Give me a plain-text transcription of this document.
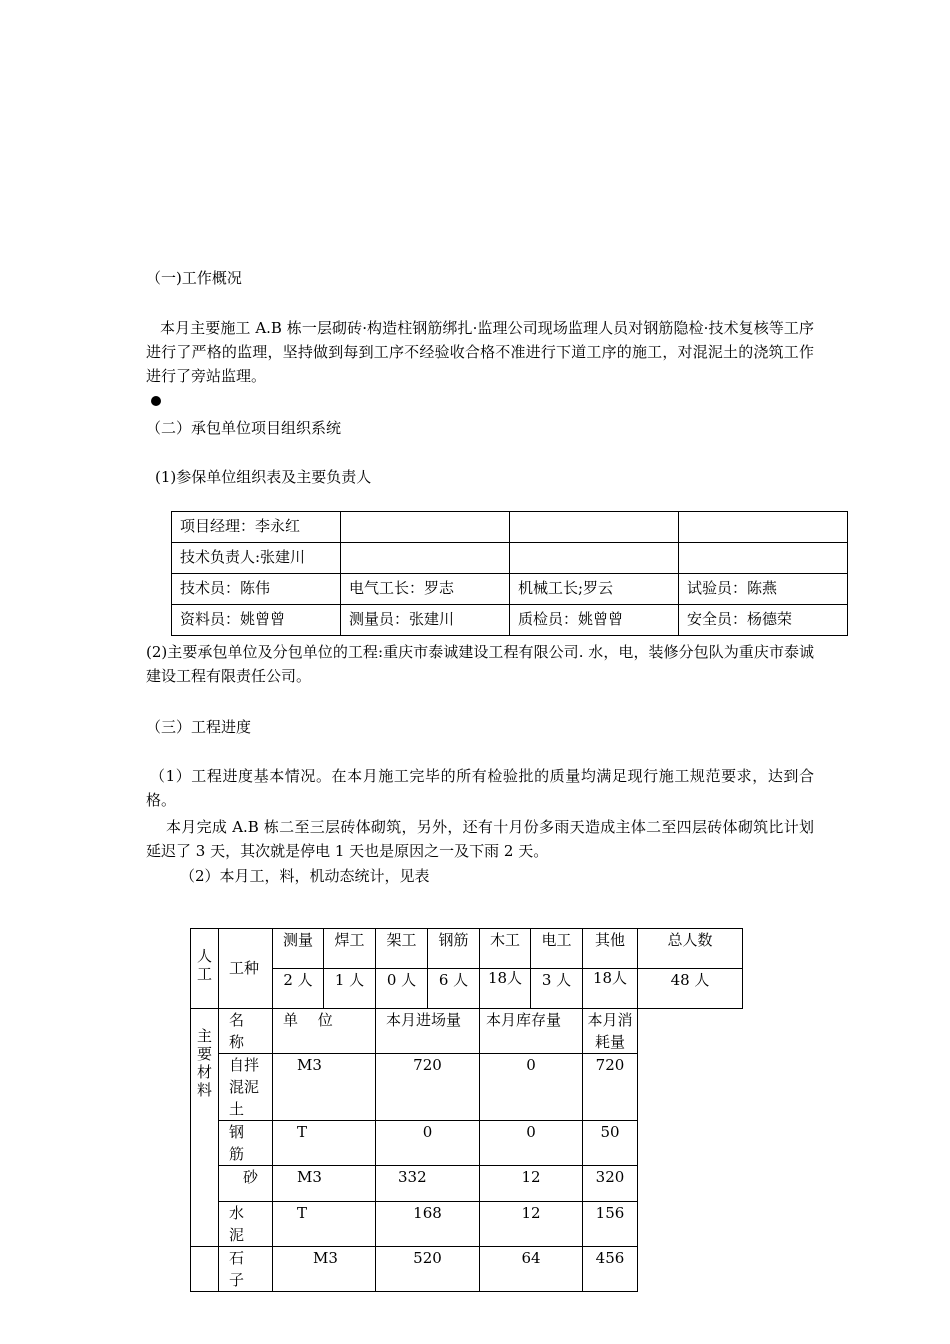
（一)工作概况
本月主要施工 A.B 栋一层砌砖·构造柱钢筋绑扎·监理公司现场监理人员对钢筋隐检·技术复核等工序进行了严格的监理，坚持做到每到工序不经验收合格不准进行下道工序的施工，对混泥土的浇筑工作进行了旁站监理。
（二）承包单位项目组织系统
(1)参保单位组织表及主要负责人
项目经理：李永红			
技术负责人:张建川			
技术员：陈伟	电气工长：罗志	机械工长;罗云	试验员：陈燕
资料员：姚曾曾	测量员：张建川	质检员：姚曾曾	安全员：杨德荣
(2)主要承包单位及分包单位的工程:重庆市泰诚建设工程有限公司. 水，电，装修分包队为重庆市泰诚建设工程有限责任公司。
（三）工程进度
（1）工程进度基本情况。在本月施工完毕的所有检验批的质量均满足现行施工规范要求，达到合格。
本月完成 A.B 栋二至三层砖体砌筑，另外，还有十月份多雨天造成主体二至四层砖体砌筑比计划延迟了 3 天，其次就是停电 1 天也是原因之一及下雨 2 天。
（2）本月工，料，机动态统计，见表
人工	工种	测量	焊工	架工	钢筋	木工	电工	其他	总人数
		2 人	1 人	0 人	6 人	18人	3 人	18人	48 人
主要材料	名　称	单　 位		本月进场量		本月库存量		本月消耗量	
	自拌混泥土	M3		720		0		720	
	钢　 筋	T		0		0		50	
	砂	M3		332		12		320	
	水　 泥	T		168		12		156	
	石　 子	M3		520		64		456	
